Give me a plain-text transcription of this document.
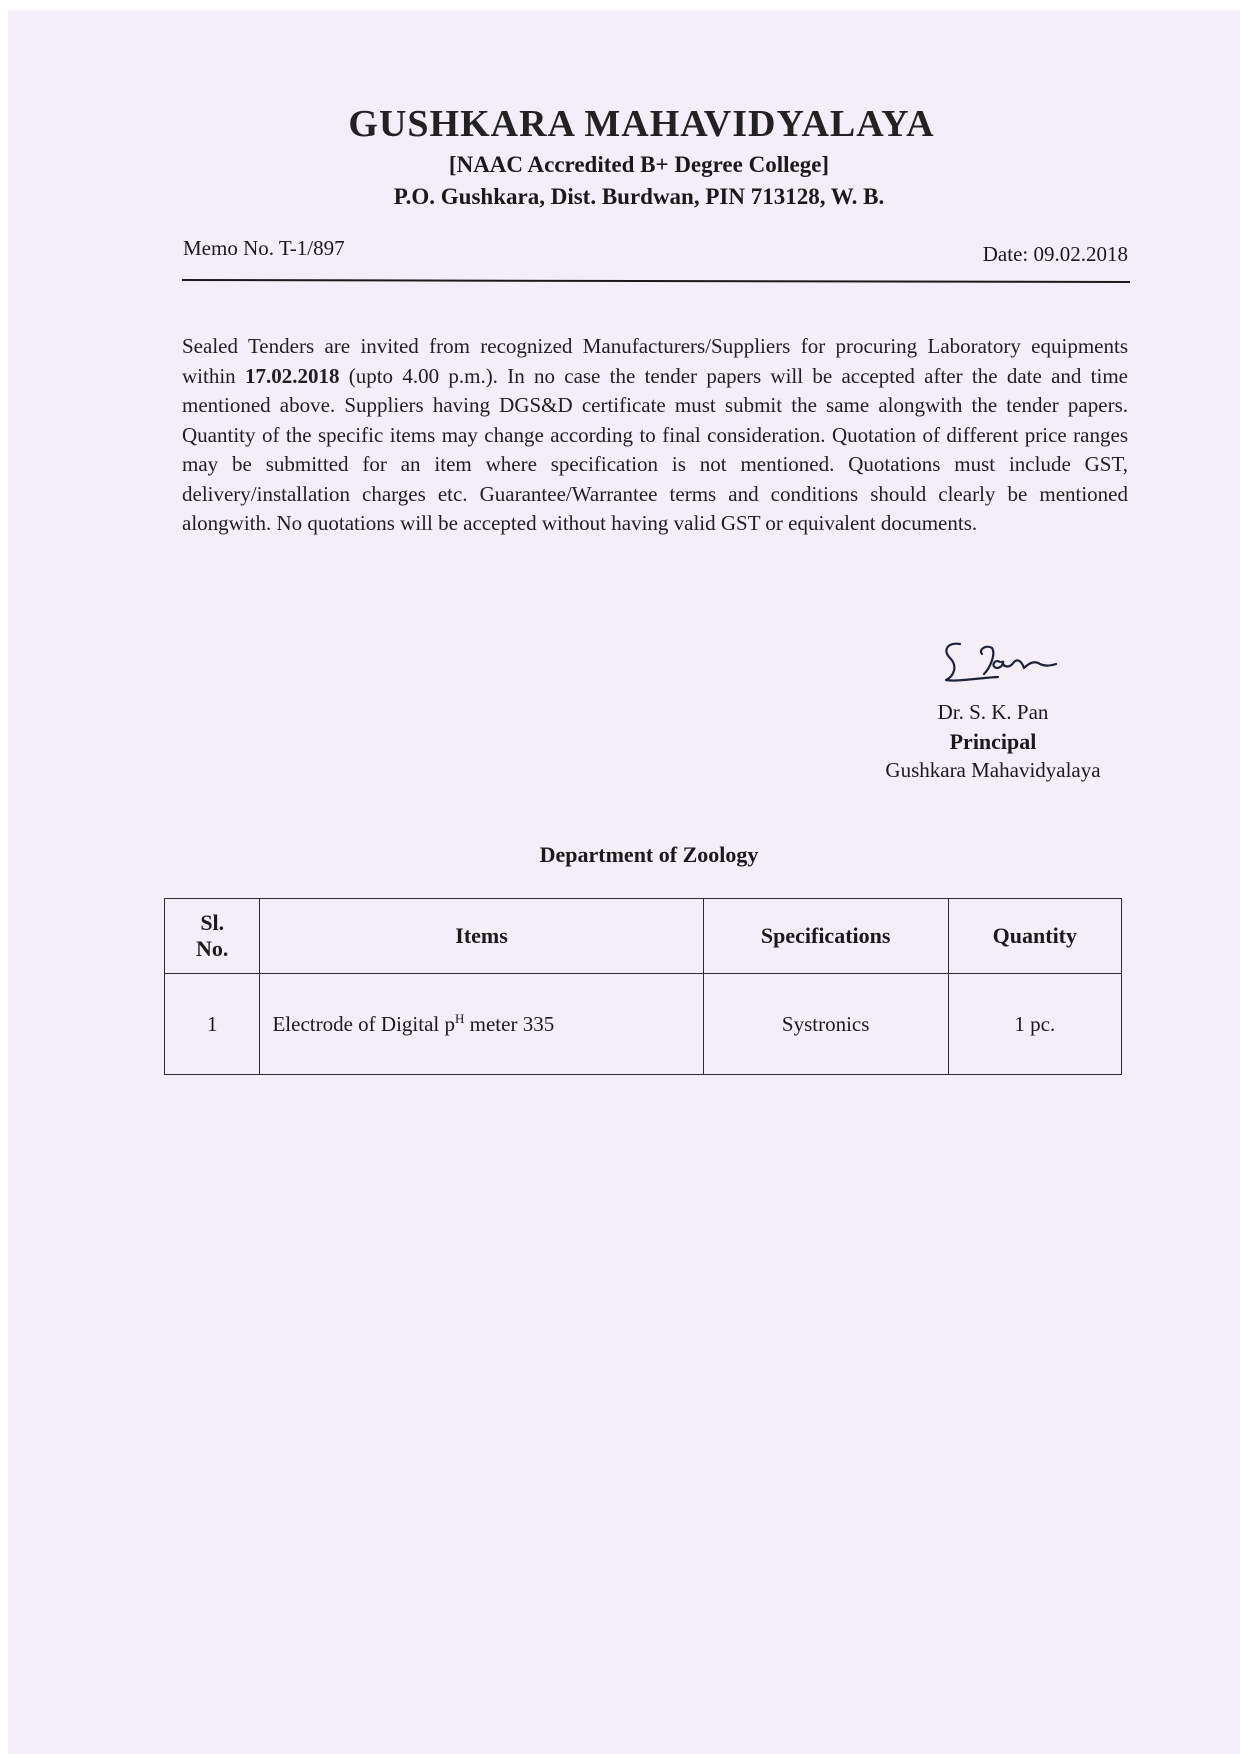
GUSHKARA MAHAVIDYALAYA
[NAAC Accredited B+ Degree College]
P.O. Gushkara, Dist. Burdwan, PIN 713128, W. B.
Memo No. T-1/897	Date: 09.02.2018
Sealed Tenders are invited from recognized Manufacturers/Suppliers for procuring Laboratory equipments within 17.02.2018 (upto 4.00 p.m.). In no case the tender papers will be accepted after the date and time mentioned above. Suppliers having DGS&D certificate must submit the same alongwith the tender papers. Quantity of the specific items may change according to final consideration. Quotation of different price ranges may be submitted for an item where specification is not mentioned. Quotations must include GST, delivery/installation charges etc. Guarantee/Warrantee terms and conditions should clearly be mentioned alongwith. No quotations will be accepted without having valid GST or equivalent documents.
Dr. S. K. Pan
Principal
Gushkara Mahavidyalaya
Department of Zoology
Sl.
No.	Items	Specifications	Quantity
1	Electrode of Digital $p^H$ meter 335	Systronics	1 pc.
